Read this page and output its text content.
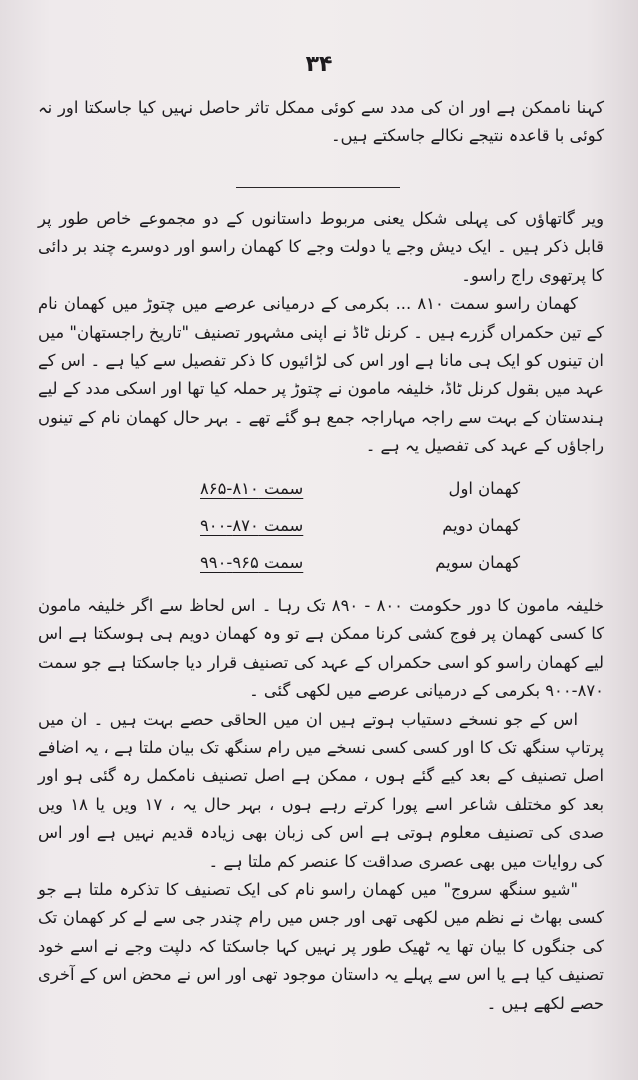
۳۴
کہنا ناممکن ہے اور ان کی مدد سے کوئی ممکل تاثر حاصل نہیں کیا جاسکتا اور نہ کوئی با قاعدہ نتیجے نکالے جاسکتے ہیں۔

ویر گاتھاؤں کی پہلی شکل یعنی مربوط داستانوں کے دو مجموعے خاص طور پر قابل ذکر ہیں ۔ ایک دیش وجے یا دولت وجے کا کھمان راسو اور دوسرے چند بر دائی کا پرتھوی راج راسو۔

کھمان راسو سمت ۸۱۰ ... بکرمی کے درمیانی عرصے میں چتوڑ میں کھمان نام کے تین حکمراں گزرے ہیں ۔ کرنل ٹاڈ نے اپنی مشہور تصنیف "تاریخ راجستھان" میں ان تینوں کو ایک ہی مانا ہے اور اس کی لڑائیوں کا ذکر تفصیل سے کیا ہے ۔ اس کے عہد میں بقول کرنل ٹاڈ، خلیفہ مامون نے چتوڑ پر حملہ کیا تھا اور اسکی مدد کے لیے ہندستان کے بہت سے راجہ مہاراجہ جمع ہو گئے تھے ۔ بہر حال کھمان نام کے تینوں راجاؤں کے عہد کی تفصیل یہ ہے ۔

کھمان اول
سمت ۸۱۰-۸۶۵
کھمان دویم
سمت ۸۷۰-۹۰۰
کھمان سویم
سمت ۹۶۵-۹۹۰

خلیفہ مامون کا دور حکومت ۸۰۰ - ۸۹۰ تک رہا ۔ اس لحاظ سے اگر خلیفہ مامون کا کسی کھمان پر فوج کشی کرنا ممکن ہے تو وہ کھمان دویم ہی ہوسکتا ہے اس لیے کھمان راسو کو اسی حکمراں کے عہد کی تصنیف قرار دیا جاسکتا ہے جو سمت ۸۷۰-۹۰۰ بکرمی کے درمیانی عرصے میں لکھی گئی ۔

اس کے جو نسخے دستیاب ہوتے ہیں ان میں الحاقی حصے بہت ہیں ۔ ان میں پرتاپ سنگھ تک کا اور کسی کسی نسخے میں رام سنگھ تک بیان ملتا ہے ، یہ اضافے اصل تصنیف کے بعد کیے گئے ہوں ، ممکن ہے اصل تصنیف نامکمل رہ گئی ہو اور بعد کو مختلف شاعر اسے پورا کرتے رہے ہوں ، بہر حال یہ ، ۱۷ ویں یا ۱۸ ویں صدی کی تصنیف معلوم ہوتی ہے اس کی زبان بھی زیادہ قدیم نہیں ہے اور اس کی روایات میں بھی عصری صداقت کا عنصر کم ملتا ہے ۔

"شیو سنگھ سروج" میں کھمان راسو نام کی ایک تصنیف کا تذکرہ ملتا ہے جو کسی بھاٹ نے نظم میں لکھی تھی اور جس میں رام چندر جی سے لے کر کھمان تک کی جنگوں کا بیان تھا یہ ٹھیک طور پر نہیں کہا جاسکتا کہ دلپت وجے نے اسے خود تصنیف کیا ہے یا اس سے پہلے یہ داستان موجود تھی اور اس نے محض اس کے آخری حصے لکھے ہیں ۔
